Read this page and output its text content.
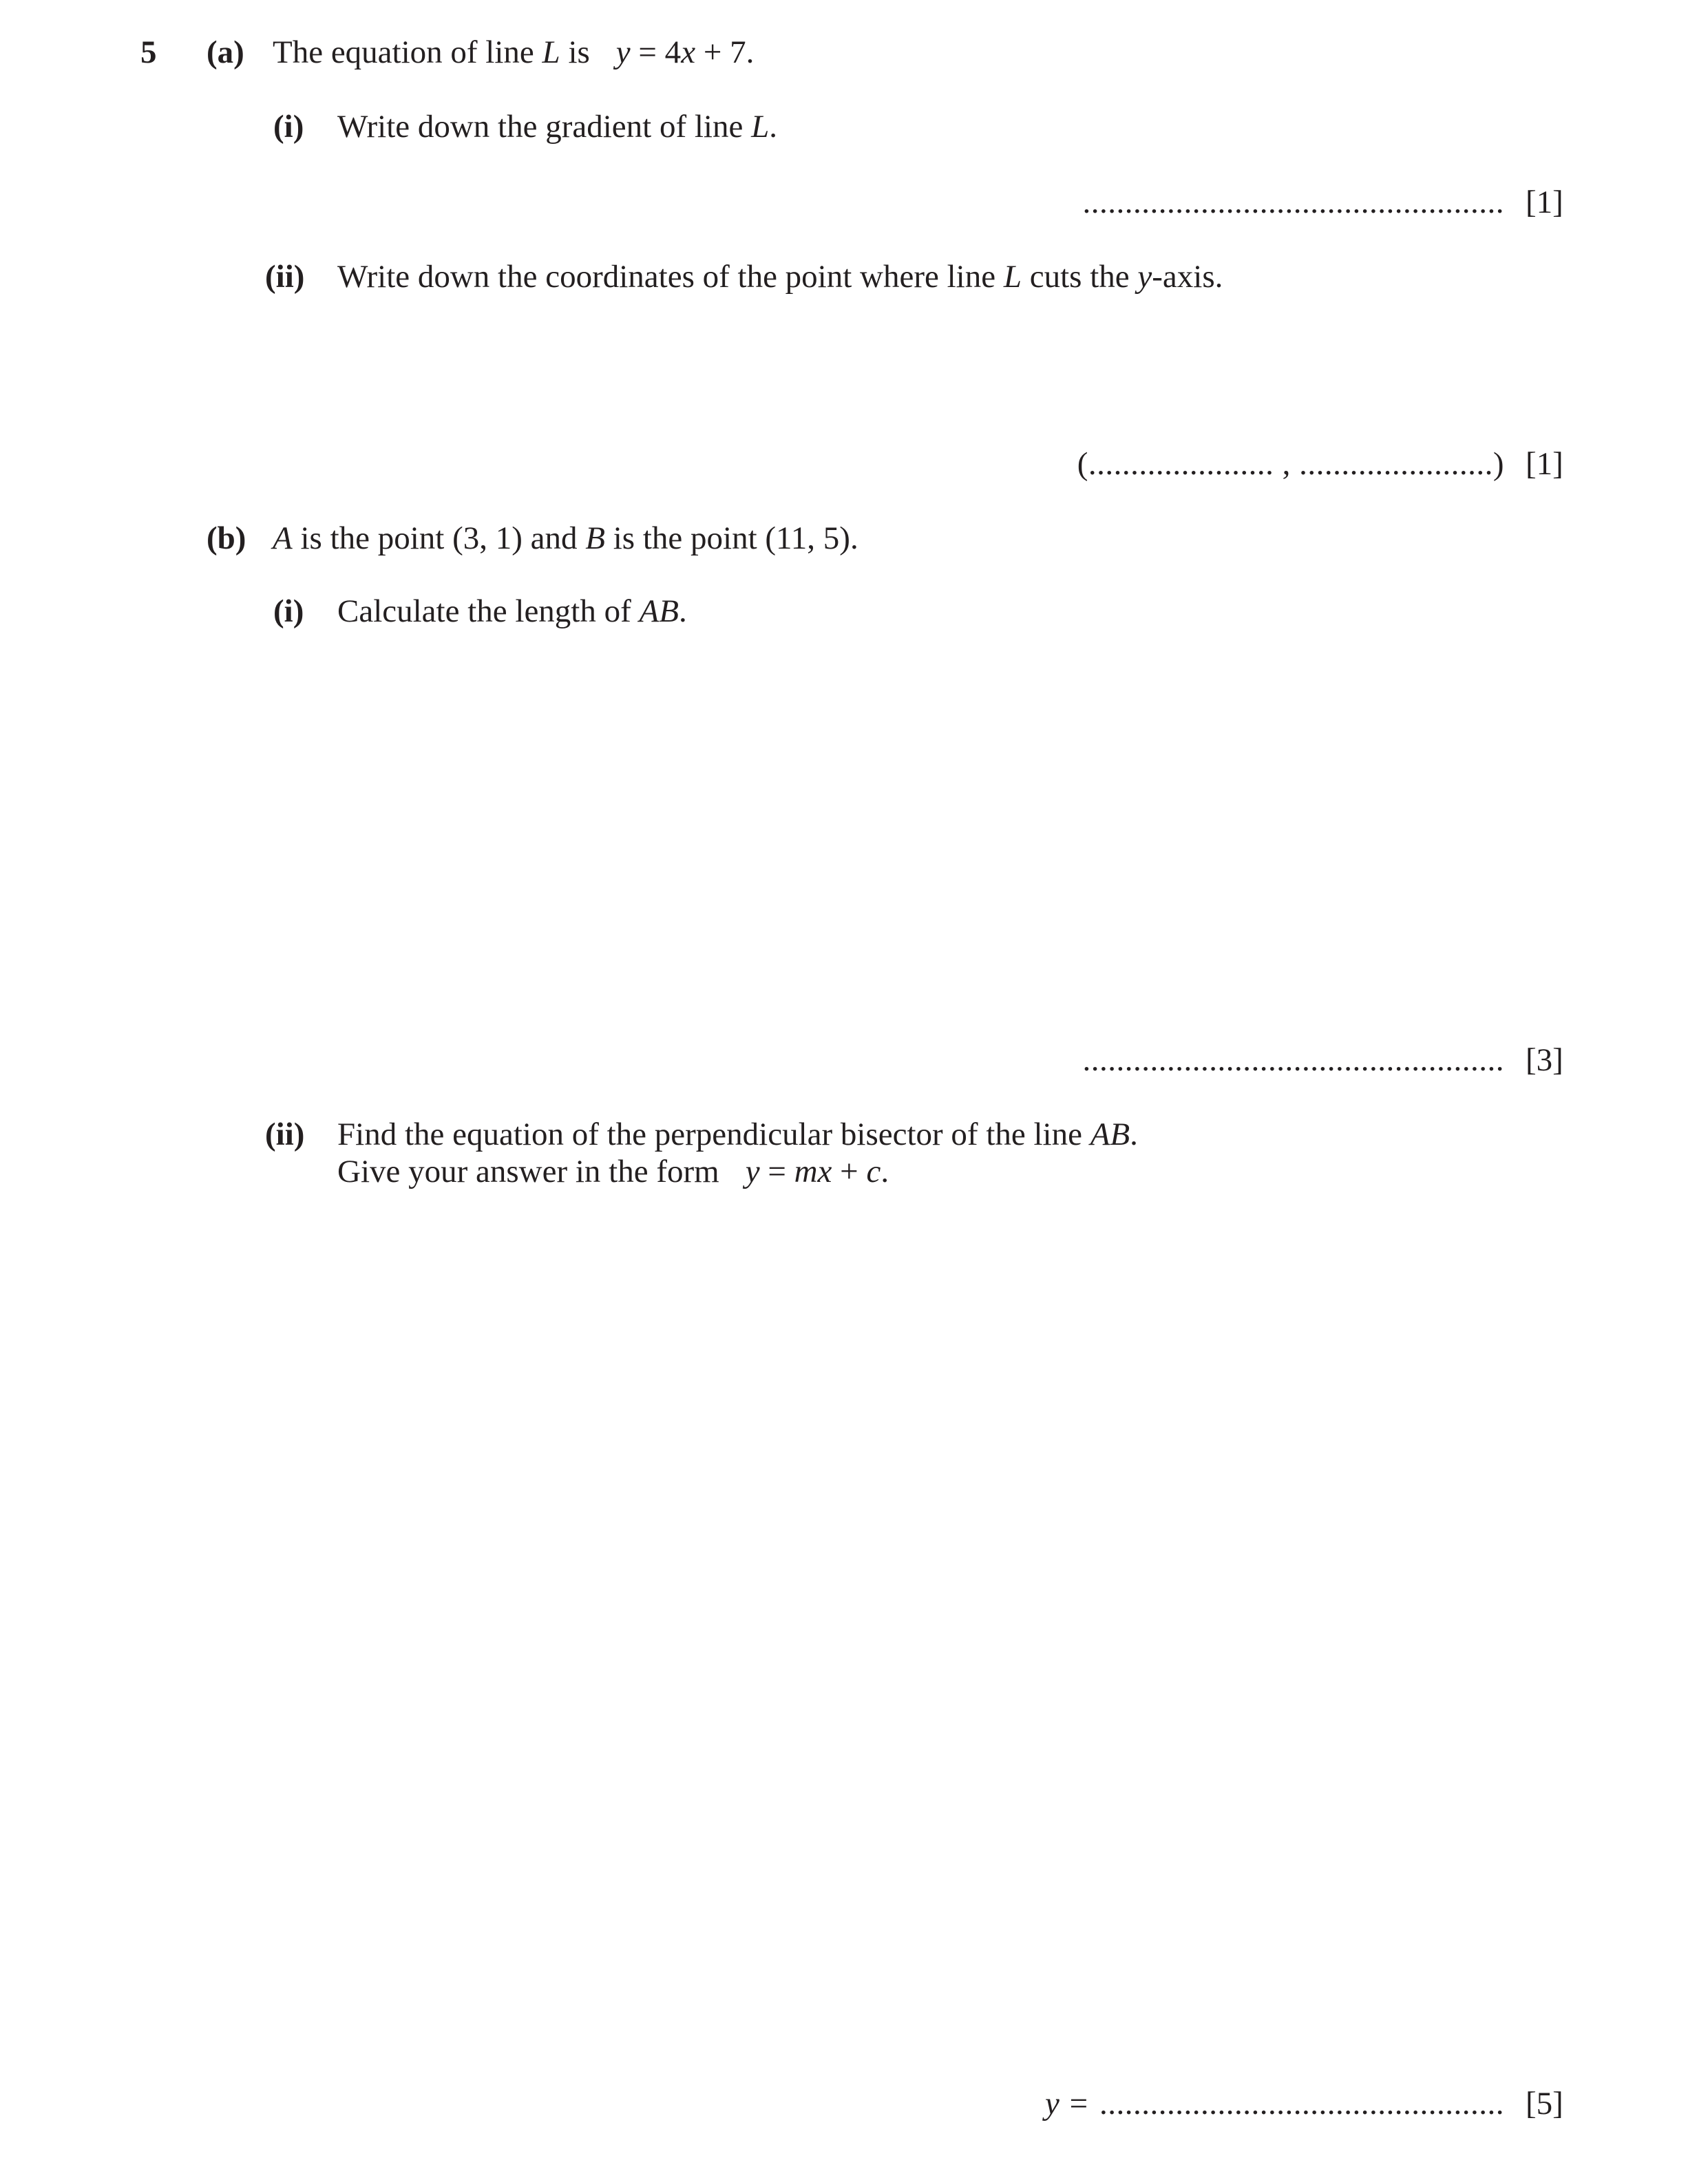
5 (a) The equation of line L is y = 4x + 7.
(i) Write down the gradient of line L.
.................................................. [1]
(ii) Write down the coordinates of the point where line L cuts the y-axis.
(...................... , .......................) [1]
(b) A is the point (3, 1) and B is the point (11, 5).
(i) Calculate the length of AB.
.................................................. [3]
(ii) Find the equation of the perpendicular bisector of the line AB.
Give your answer in the form y = mx + c.
y = ................................................ [5]
